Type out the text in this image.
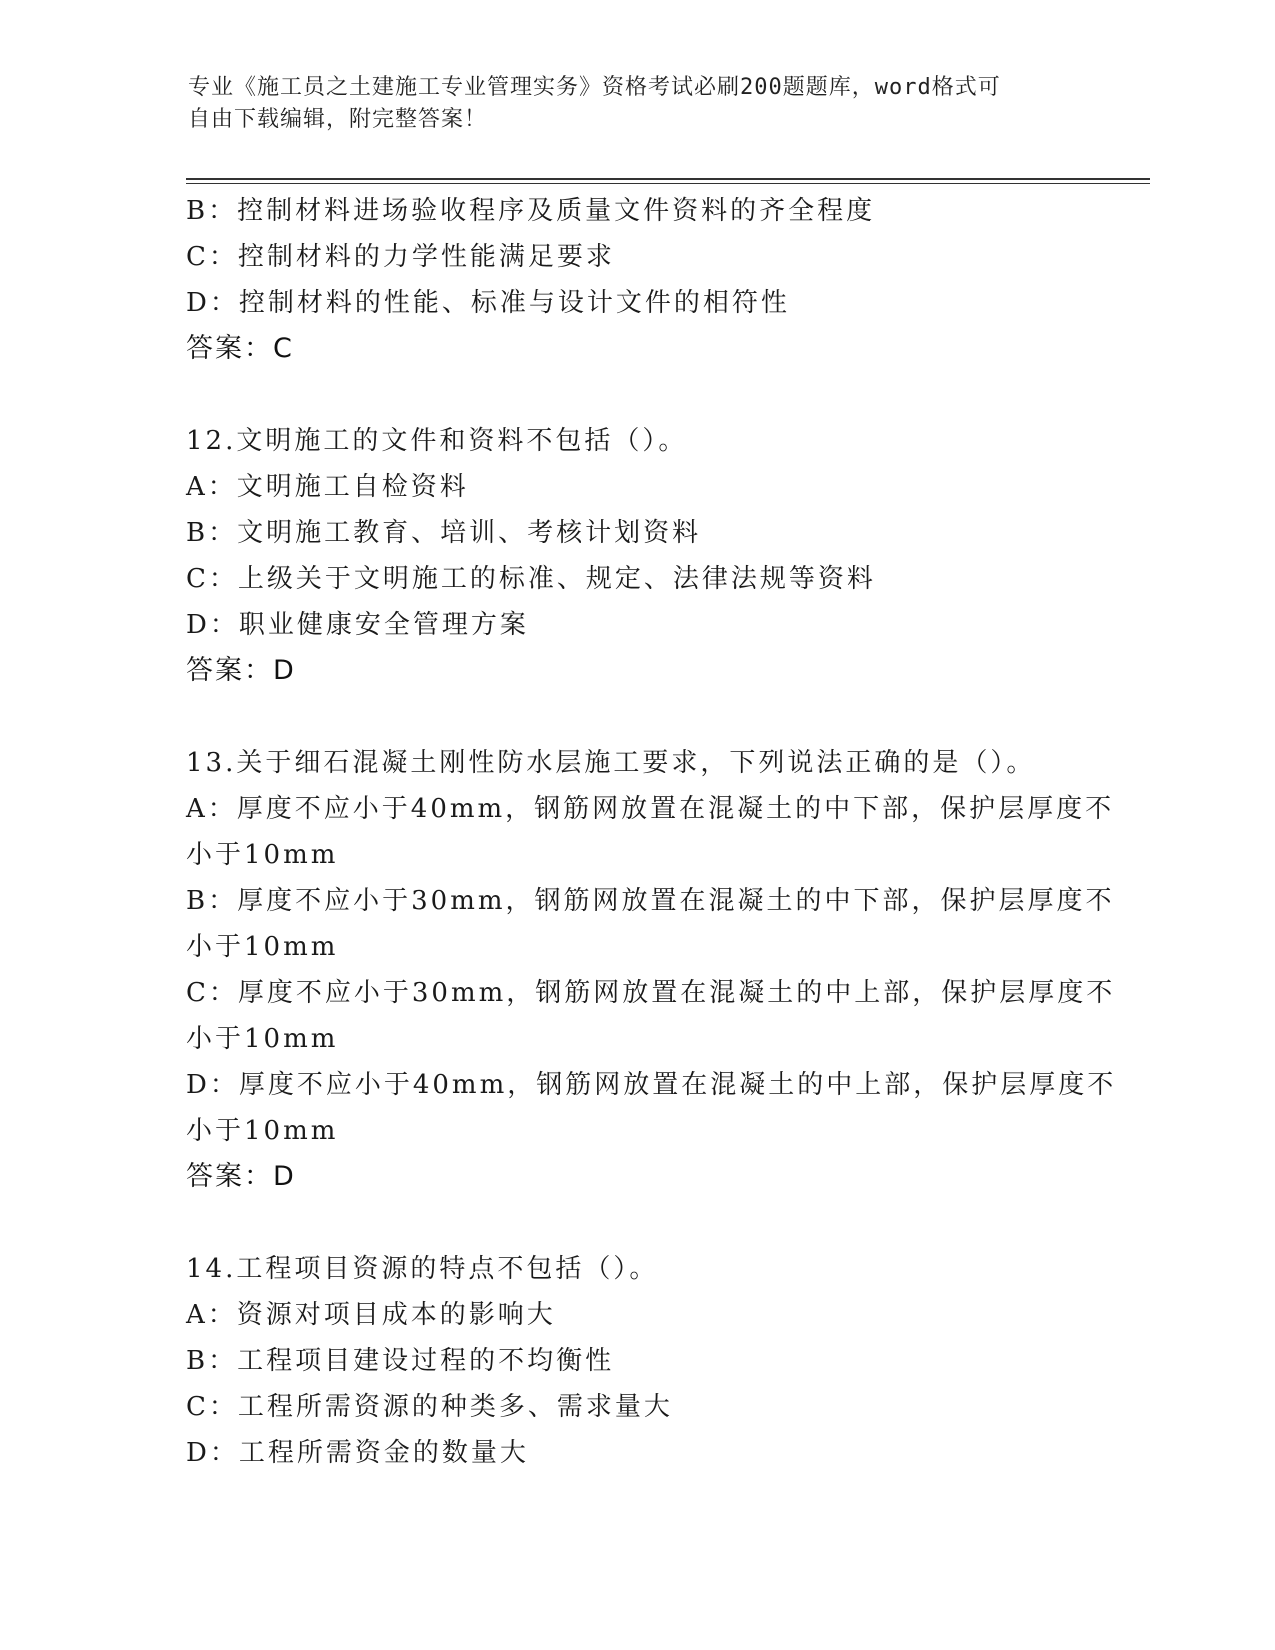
专业《施工员之土建施工专业管理实务》资格考试必刷200题题库，word格式可
自由下载编辑，附完整答案！
B：控制材料进场验收程序及质量文件资料的齐全程度
C：控制材料的力学性能满足要求
D：控制材料的性能、标准与设计文件的相符性
答案：C
12.文明施工的文件和资料不包括（）。
A：文明施工自检资料
B：文明施工教育、培训、考核计划资料
C：上级关于文明施工的标准、规定、法律法规等资料
D：职业健康安全管理方案
答案：D
13.关于细石混凝土刚性防水层施工要求，下列说法正确的是（）。
A：厚度不应小于40mm，钢筋网放置在混凝土的中下部，保护层厚度不
小于10mm
B：厚度不应小于30mm，钢筋网放置在混凝土的中下部，保护层厚度不
小于10mm
C：厚度不应小于30mm，钢筋网放置在混凝土的中上部，保护层厚度不
小于10mm
D：厚度不应小于40mm，钢筋网放置在混凝土的中上部，保护层厚度不
小于10mm
答案：D
14.工程项目资源的特点不包括（）。
A：资源对项目成本的影响大
B：工程项目建设过程的不均衡性
C：工程所需资源的种类多、需求量大
D：工程所需资金的数量大
